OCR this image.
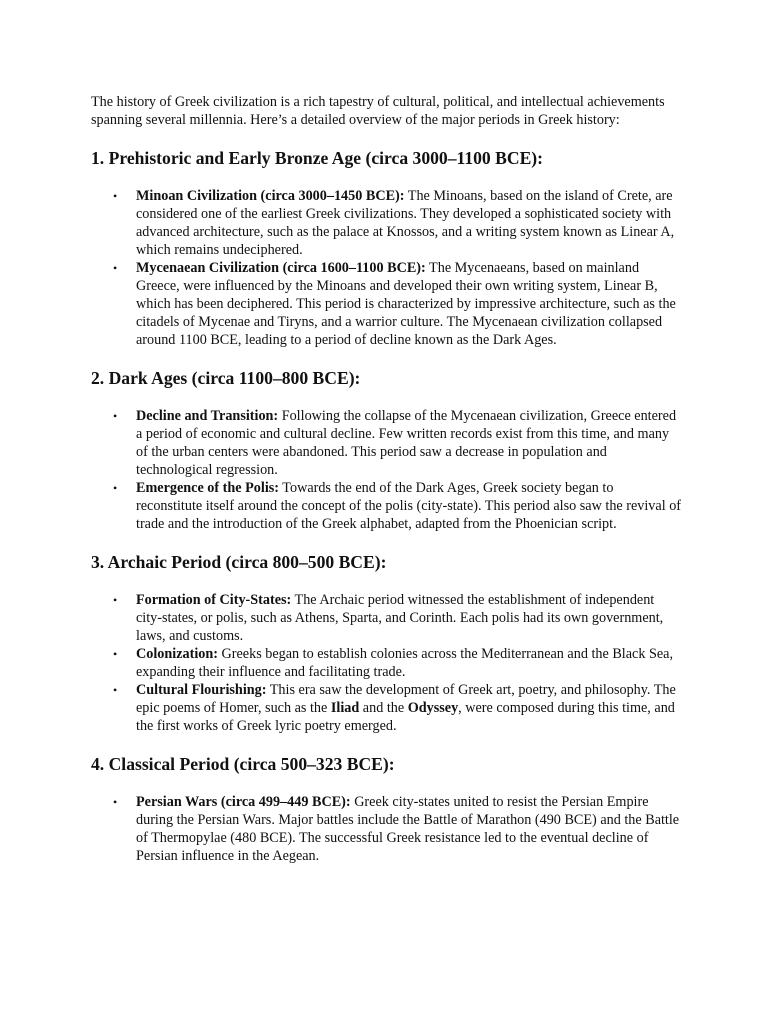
The history of Greek civilization is a rich tapestry of cultural, political, and intellectual achievements spanning several millennia. Here’s a detailed overview of the major periods in Greek history:

1. Prehistoric and Early Bronze Age (circa 3000–1100 BCE):
• Minoan Civilization (circa 3000–1450 BCE): The Minoans, based on the island of Crete, are considered one of the earliest Greek civilizations. They developed a sophisticated society with advanced architecture, such as the palace at Knossos, and a writing system known as Linear A, which remains undeciphered.
• Mycenaean Civilization (circa 1600–1100 BCE): The Mycenaeans, based on mainland Greece, were influenced by the Minoans and developed their own writing system, Linear B, which has been deciphered. This period is characterized by impressive architecture, such as the citadels of Mycenae and Tiryns, and a warrior culture. The Mycenaean civilization collapsed around 1100 BCE, leading to a period of decline known as the Dark Ages.
2. Dark Ages (circa 1100–800 BCE):
• Decline and Transition: Following the collapse of the Mycenaean civilization, Greece entered a period of economic and cultural decline. Few written records exist from this time, and many of the urban centers were abandoned. This period saw a decrease in population and technological regression.
• Emergence of the Polis: Towards the end of the Dark Ages, Greek society began to reconstitute itself around the concept of the polis (city-state). This period also saw the revival of trade and the introduction of the Greek alphabet, adapted from the Phoenician script.
3. Archaic Period (circa 800–500 BCE):
• Formation of City-States: The Archaic period witnessed the establishment of independent city-states, or polis, such as Athens, Sparta, and Corinth. Each polis had its own government, laws, and customs.
• Colonization: Greeks began to establish colonies across the Mediterranean and the Black Sea, expanding their influence and facilitating trade.
• Cultural Flourishing: This era saw the development of Greek art, poetry, and philosophy. The epic poems of Homer, such as the Iliad and the Odyssey, were composed during this time, and the first works of Greek lyric poetry emerged.
4. Classical Period (circa 500–323 BCE):
• Persian Wars (circa 499–449 BCE): Greek city-states united to resist the Persian Empire during the Persian Wars. Major battles include the Battle of Marathon (490 BCE) and the Battle of Thermopylae (480 BCE). The successful Greek resistance led to the eventual decline of Persian influence in the Aegean.
